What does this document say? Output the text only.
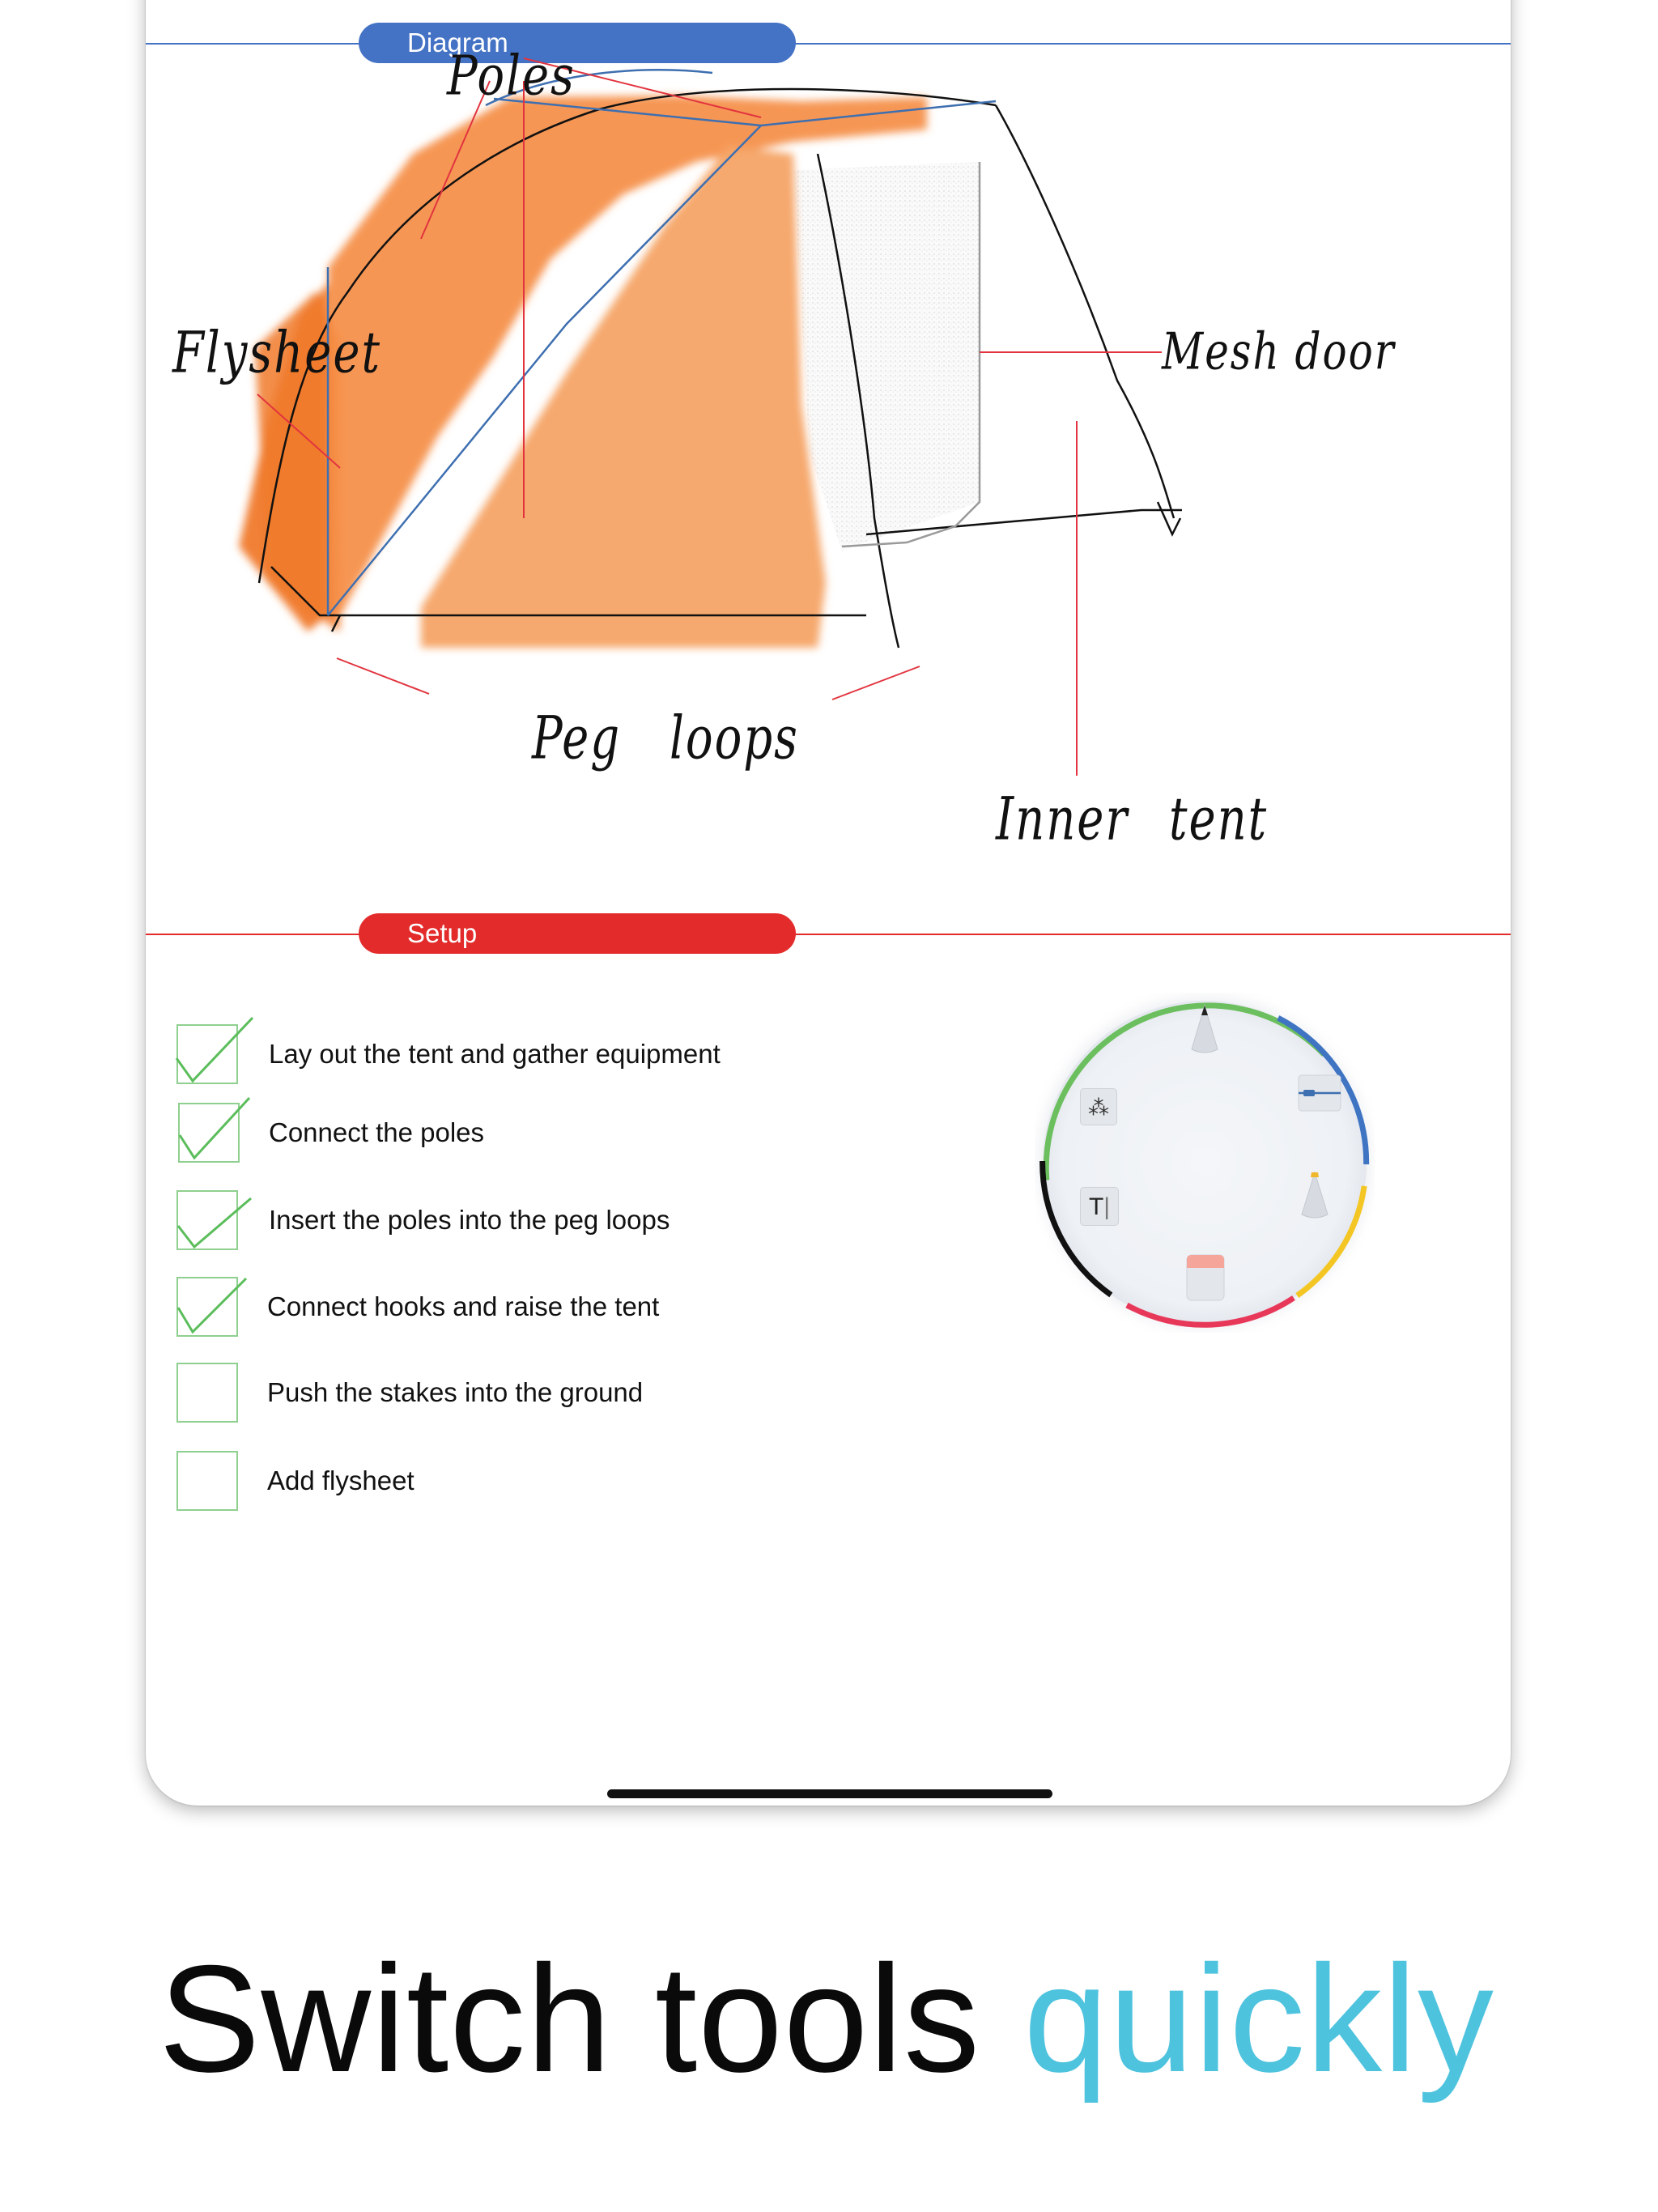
Diagram
Poles
Flysheet	Mesh door
Peg loops
Inner tent
Setup
Lay out the tent and gather equipment
Connect the poles
Insert the poles into the peg loops
Connect hooks and raise the tent
Push the stakes into the ground
Add flysheet
T|
⁂
Switch tools quickly
